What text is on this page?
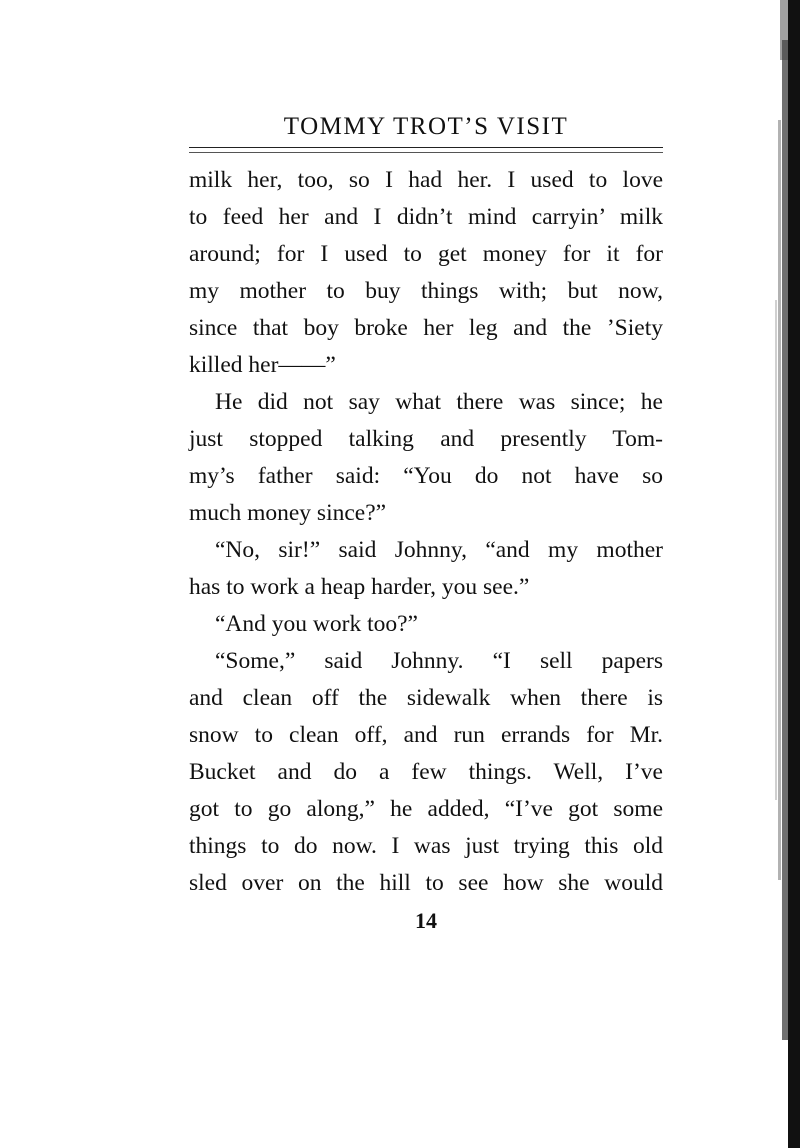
TOMMY TROT’S VISIT
milk her, too, so I had her. I used to love
to feed her and I didn’t mind carryin’ milk
around; for I used to get money for it for
my mother to buy things with; but now,
since that boy broke her leg and the ’Siety
killed her——”
He did not say what there was since; he
just stopped talking and presently Tom-
my’s father said: “You do not have so
much money since?”
“No, sir!” said Johnny, “and my mother
has to work a heap harder, you see.”
“And you work too?”
“Some,” said Johnny. “I sell papers
and clean off the sidewalk when there is
snow to clean off, and run errands for Mr.
Bucket and do a few things. Well, I’ve
got to go along,” he added, “I’ve got some
things to do now. I was just trying this old
sled over on the hill to see how she would
14
